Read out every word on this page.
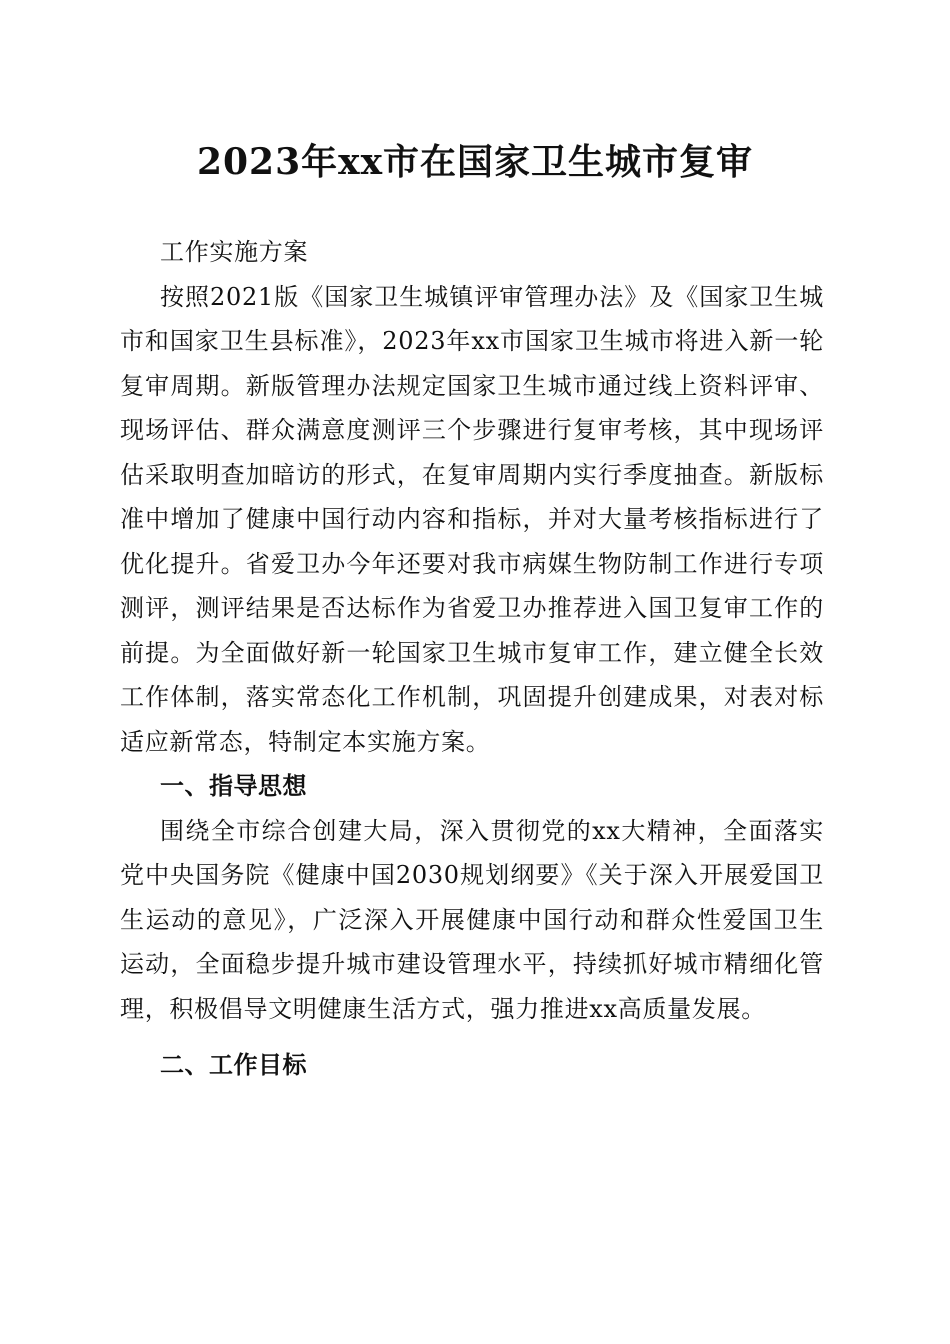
2023年xx市在国家卫生城市复审

工作实施方案

按照2021版《国家卫生城镇评审管理办法》及《国家卫生城市和国家卫生县标准》，2023年xx市国家卫生城市将进入新一轮复审周期。新版管理办法规定国家卫生城市通过线上资料评审、现场评估、群众满意度测评三个步骤进行复审考核，其中现场评估采取明查加暗访的形式，在复审周期内实行季度抽查。新版标准中增加了健康中国行动内容和指标，并对大量考核指标进行了优化提升。省爱卫办今年还要对我市病媒生物防制工作进行专项测评，测评结果是否达标作为省爱卫办推荐进入国卫复审工作的前提。为全面做好新一轮国家卫生城市复审工作，建立健全长效工作体制，落实常态化工作机制，巩固提升创建成果，对表对标适应新常态，特制定本实施方案。

一、指导思想

围绕全市综合创建大局，深入贯彻党的xx大精神，全面落实党中央国务院《健康中国2030规划纲要》《关于深入开展爱国卫生运动的意见》，广泛深入开展健康中国行动和群众性爱国卫生运动，全面稳步提升城市建设管理水平，持续抓好城市精细化管理，积极倡导文明健康生活方式，强力推进xx高质量发展。

二、工作目标
